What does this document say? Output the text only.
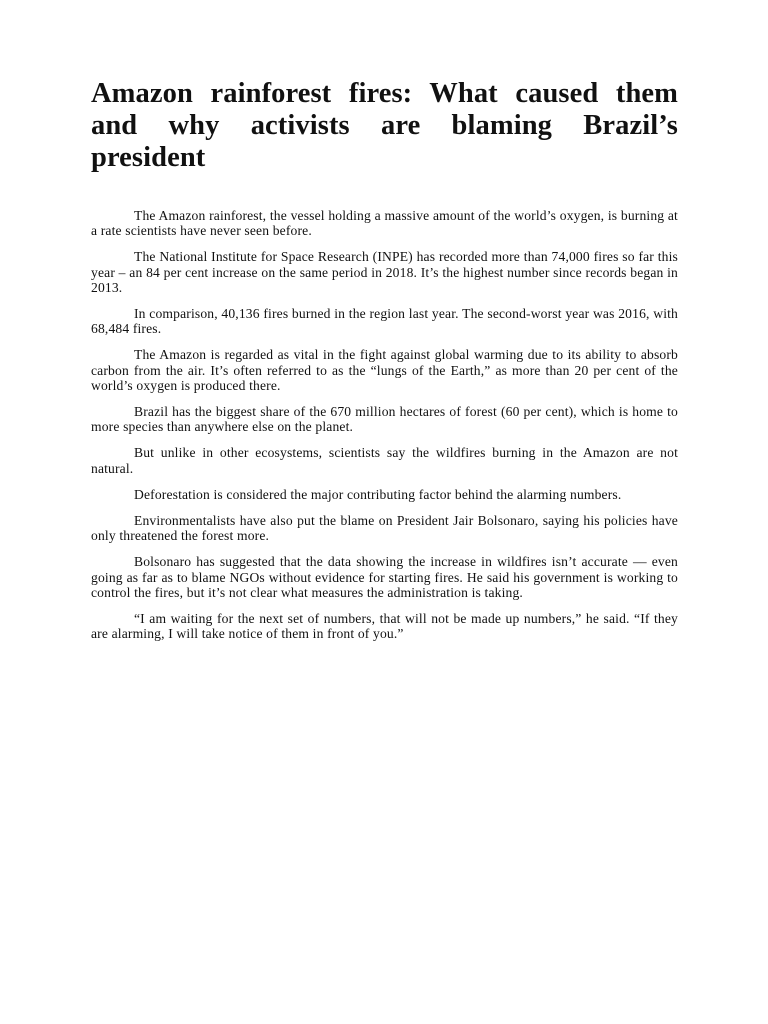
Amazon rainforest fires: What caused them and why activists are blaming Brazil’s president

The Amazon rainforest, the vessel holding a massive amount of the world’s oxygen, is burning at a rate scientists have never seen before.

The National Institute for Space Research (INPE) has recorded more than 74,000 fires so far this year – an 84 per cent increase on the same period in 2018. It’s the highest number since records began in 2013.

In comparison, 40,136 fires burned in the region last year. The second-worst year was 2016, with 68,484 fires.

The Amazon is regarded as vital in the fight against global warming due to its ability to absorb carbon from the air. It’s often referred to as the “lungs of the Earth,” as more than 20 per cent of the world’s oxygen is produced there.

Brazil has the biggest share of the 670 million hectares of forest (60 per cent), which is home to more species than anywhere else on the planet.

But unlike in other ecosystems, scientists say the wildfires burning in the Amazon are not natural.

Deforestation is considered the major contributing factor behind the alarming numbers.

Environmentalists have also put the blame on President Jair Bolsonaro, saying his policies have only threatened the forest more.

Bolsonaro has suggested that the data showing the increase in wildfires isn’t accurate — even going as far as to blame NGOs without evidence for starting fires. He said his government is working to control the fires, but it’s not clear what measures the administration is taking.

“I am waiting for the next set of numbers, that will not be made up numbers,” he said. “If they are alarming, I will take notice of them in front of you.”
